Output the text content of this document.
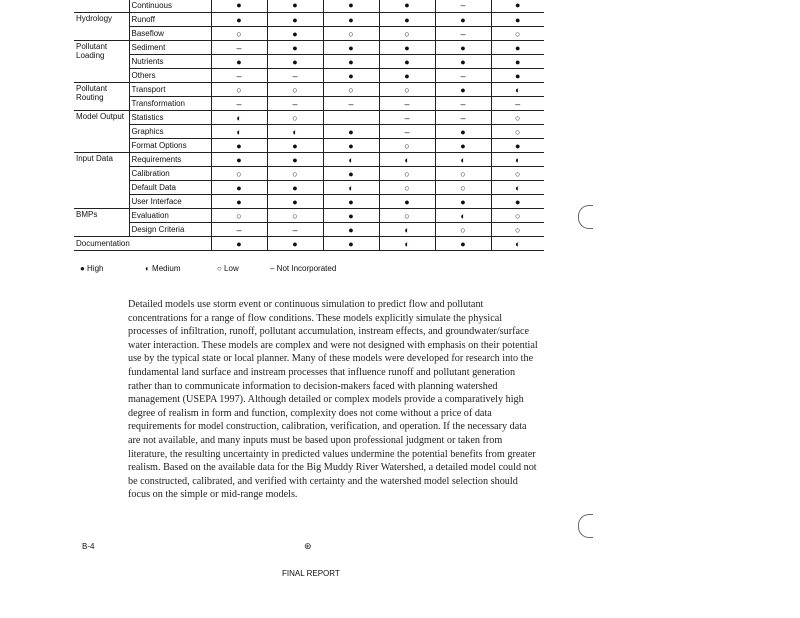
	Continuous	●	●	●	●	–	●
Hydrology	Runoff	●	●	●	●	●	●
	Baseflow	○	●	○	○	–	○
Pollutant Loading	Sediment	–	●	●	●	●	●
	Nutrients	●	●	●	●	●	●
	Others	–	–	●	●	–	●
Pollutant Routing	Transport	○	○	○	○	●	◐
	Transformation	–	–	–	–	–	–
Model Output	Statistics	◐	○		–	–	○
	Graphics	◐	◐	●	–	●	○
	Format Options	●	●	●	○	●	●
Input Data	Requirements	●	●	◐	◐	◐	◐
	Calibration	○	○	●	○	○	○
	Default Data	●	●	◐	○	○	◐
	User Interface	●	●	●	●	●	●
BMPs	Evaluation	○	○	●	○	◐	○
	Design Criteria	–	–	●	◐	○	○
Documentation		●	●	●	◐	●	◐
● High	◐ Medium	○ Low	– Not Incorporated

Detailed models use storm event or continuous simulation to predict flow and pollutant concentrations for a range of flow conditions. These models explicitly simulate the physical processes of infiltration, runoff, pollutant accumulation, instream effects, and groundwater/surface water interaction. These models are complex and were not designed with emphasis on their potential use by the typical state or local planner. Many of these models were developed for research into the fundamental land surface and instream processes that influence runoff and pollutant generation rather than to communicate information to decision-makers faced with planning watershed management (USEPA 1997). Although detailed or complex models provide a comparatively high degree of realism in form and function, complexity does not come without a price of data requirements for model construction, calibration, verification, and operation. If the necessary data are not available, and many inputs must be based upon professional judgment or taken from literature, the resulting uncertainty in predicted values undermine the potential benefits from greater realism. Based on the available data for the Big Muddy River Watershed, a detailed model could not be constructed, calibrated, and verified with certainty and the watershed model selection should focus on the simple or mid-range models.

B-4	⊛
FINAL REPORT
